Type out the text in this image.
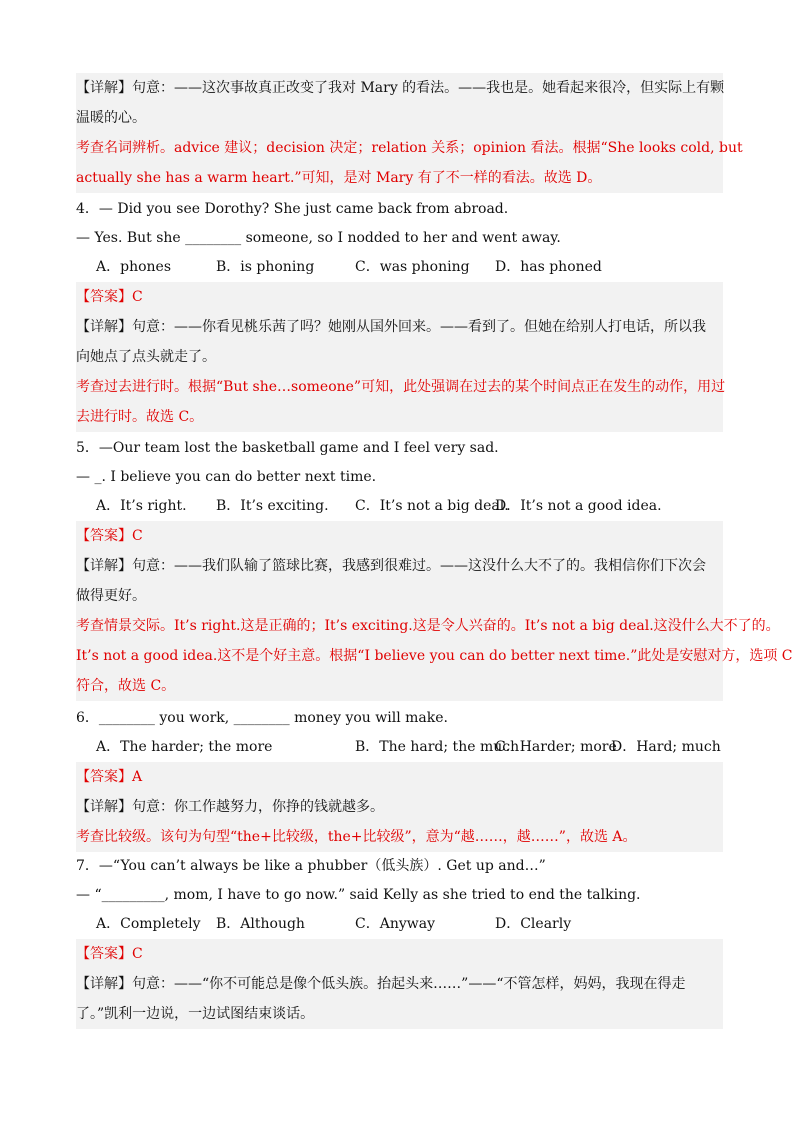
【详解】句意：——这次事故真正改变了我对 Mary 的看法。——我也是。她看起来很冷，但实际上有颗
温暖的心。
考查名词辨析。advice 建议；decision 决定；relation 关系；opinion 看法。根据“She looks cold, but
actually she has a warm heart.”可知，是对 Mary 有了不一样的看法。故选 D。
4．— Did you see Dorothy? She just came back from abroad.
— Yes. But she ________ someone, so I nodded to her and went away.
A．phones	B．is phoning	C．was phoning D．has phoned
【答案】C
【详解】句意：——你看见桃乐茜了吗？她刚从国外回来。——看到了。但她在给别人打电话，所以我
向她点了点头就走了。
考查过去进行时。根据“But she…someone”可知，此处强调在过去的某个时间点正在发生的动作，用过
去进行时。故选 C。
5．—Our team lost the basketball game and I feel very sad.
— _. I believe you can do better next time.
A．It’s right. B．It’s exciting. C．It’s not a big deal.
D．It’s not a good idea.
【答案】C
【详解】句意：——我们队输了篮球比赛，我感到很难过。——这没什么大不了的。我相信你们下次会
做得更好。
考查情景交际。It’s right.这是正确的；It’s exciting.这是令人兴奋的。It’s not a big deal.这没什么大不了的。
It’s not a good idea.这不是个好主意。根据“I believe you can do better next time.”此处是安慰对方，选项 C
符合，故选 C。
6．________ you work, ________ money you will make.
A．The harder; the more	B．The hard; the much
C．Harder; more
D．Hard; much
【答案】A
【详解】句意：你工作越努力，你挣的钱就越多。
考查比较级。该句为句型“the+比较级，the+比较级”，意为“越……，越……”，故选 A。
7．—“You can’t always be like a phubber（低头族）. Get up and…”
— “_________, mom, I have to go now.” said Kelly as she tried to end the talking.
A．Completely B．Although	C．Anyway	D．Clearly
【答案】C
【详解】句意：——“你不可能总是像个低头族。抬起头来……”——“不管怎样，妈妈，我现在得走
了。”凯利一边说，一边试图结束谈话。
